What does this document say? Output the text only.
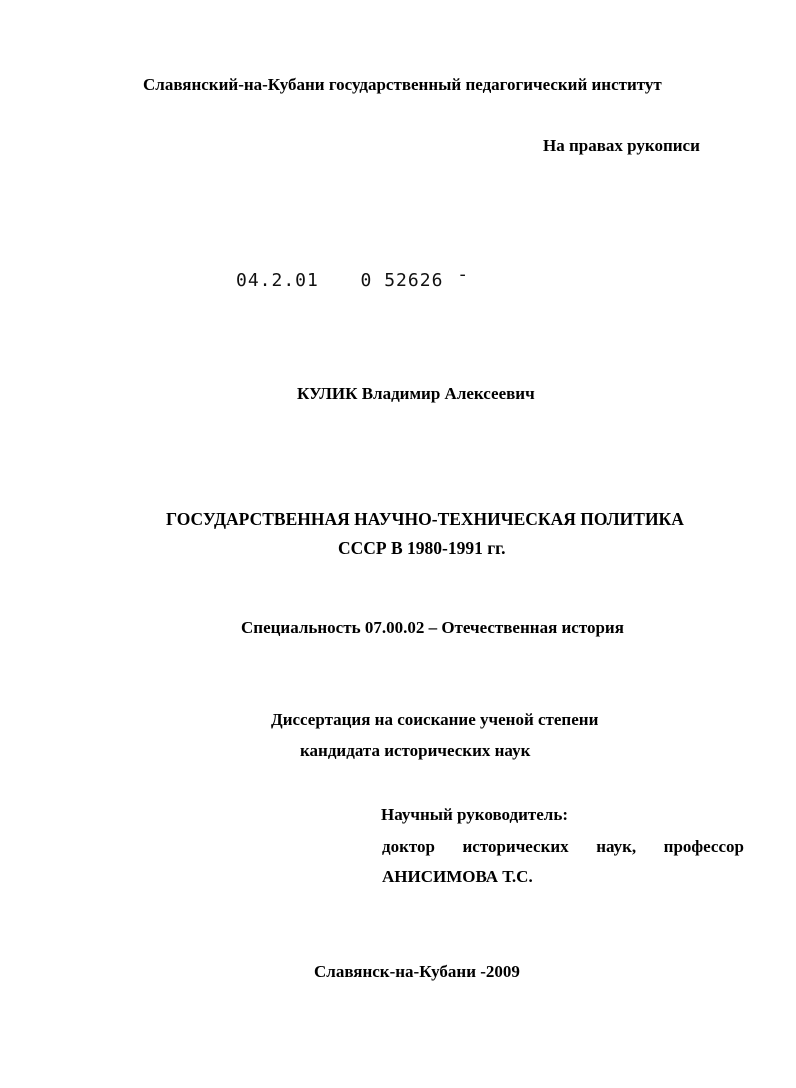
Славянский-на-Кубани государственный педагогический институт
На правах рукописи
04.2.01 0 52626 -
КУЛИК Владимир Алексеевич
ГОСУДАРСТВЕННАЯ НАУЧНО-ТЕХНИЧЕСКАЯ ПОЛИТИКА
СССР В 1980-1991 гг.
Специальность 07.00.02 – Отечественная история
Диссертация на соискание ученой степени
кандидата исторических наук
Научный руководитель:
доктор исторических наук, профессор
АНИСИМОВА Т.С.
Славянск-на-Кубани -2009
